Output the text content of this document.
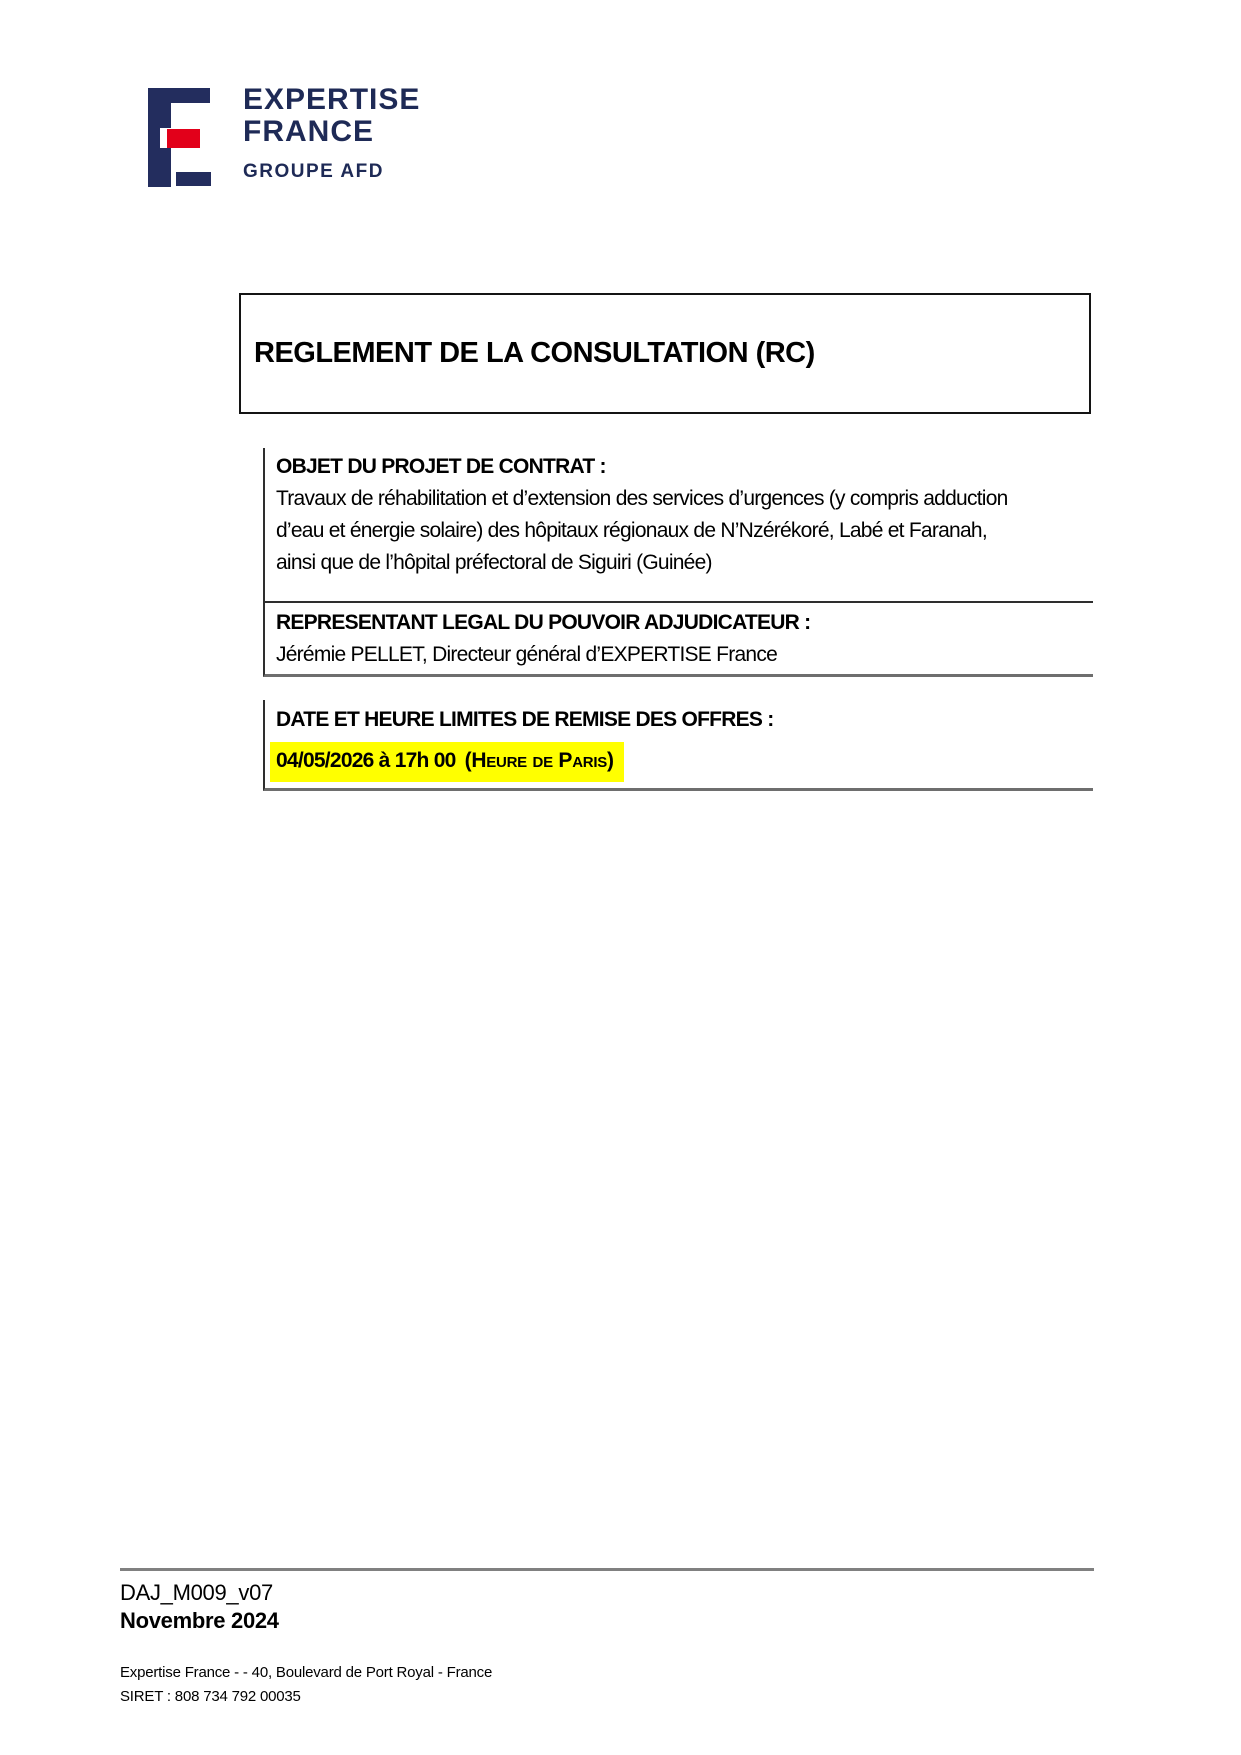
EXPERTISE
FRANCE
GROUPE AFD
REGLEMENT DE LA CONSULTATION (RC)
OBJET DU PROJET DE CONTRAT :
Travaux de réhabilitation et d’extension des services d’urgences (y compris adduction
d’eau et énergie solaire) des hôpitaux régionaux de N’Nzérékoré, Labé et Faranah,
ainsi que de l’hôpital préfectoral de Siguiri (Guinée)
REPRESENTANT LEGAL DU POUVOIR ADJUDICATEUR :
Jérémie PELLET, Directeur général d’EXPERTISE France
DATE ET HEURE LIMITES DE REMISE DES OFFRES :
04/05/2026 à 17h 00 (Heure de Paris)
DAJ_M009_v07
Novembre 2024
Expertise France - - 40, Boulevard de Port Royal - France
SIRET : 808 734 792 00035
